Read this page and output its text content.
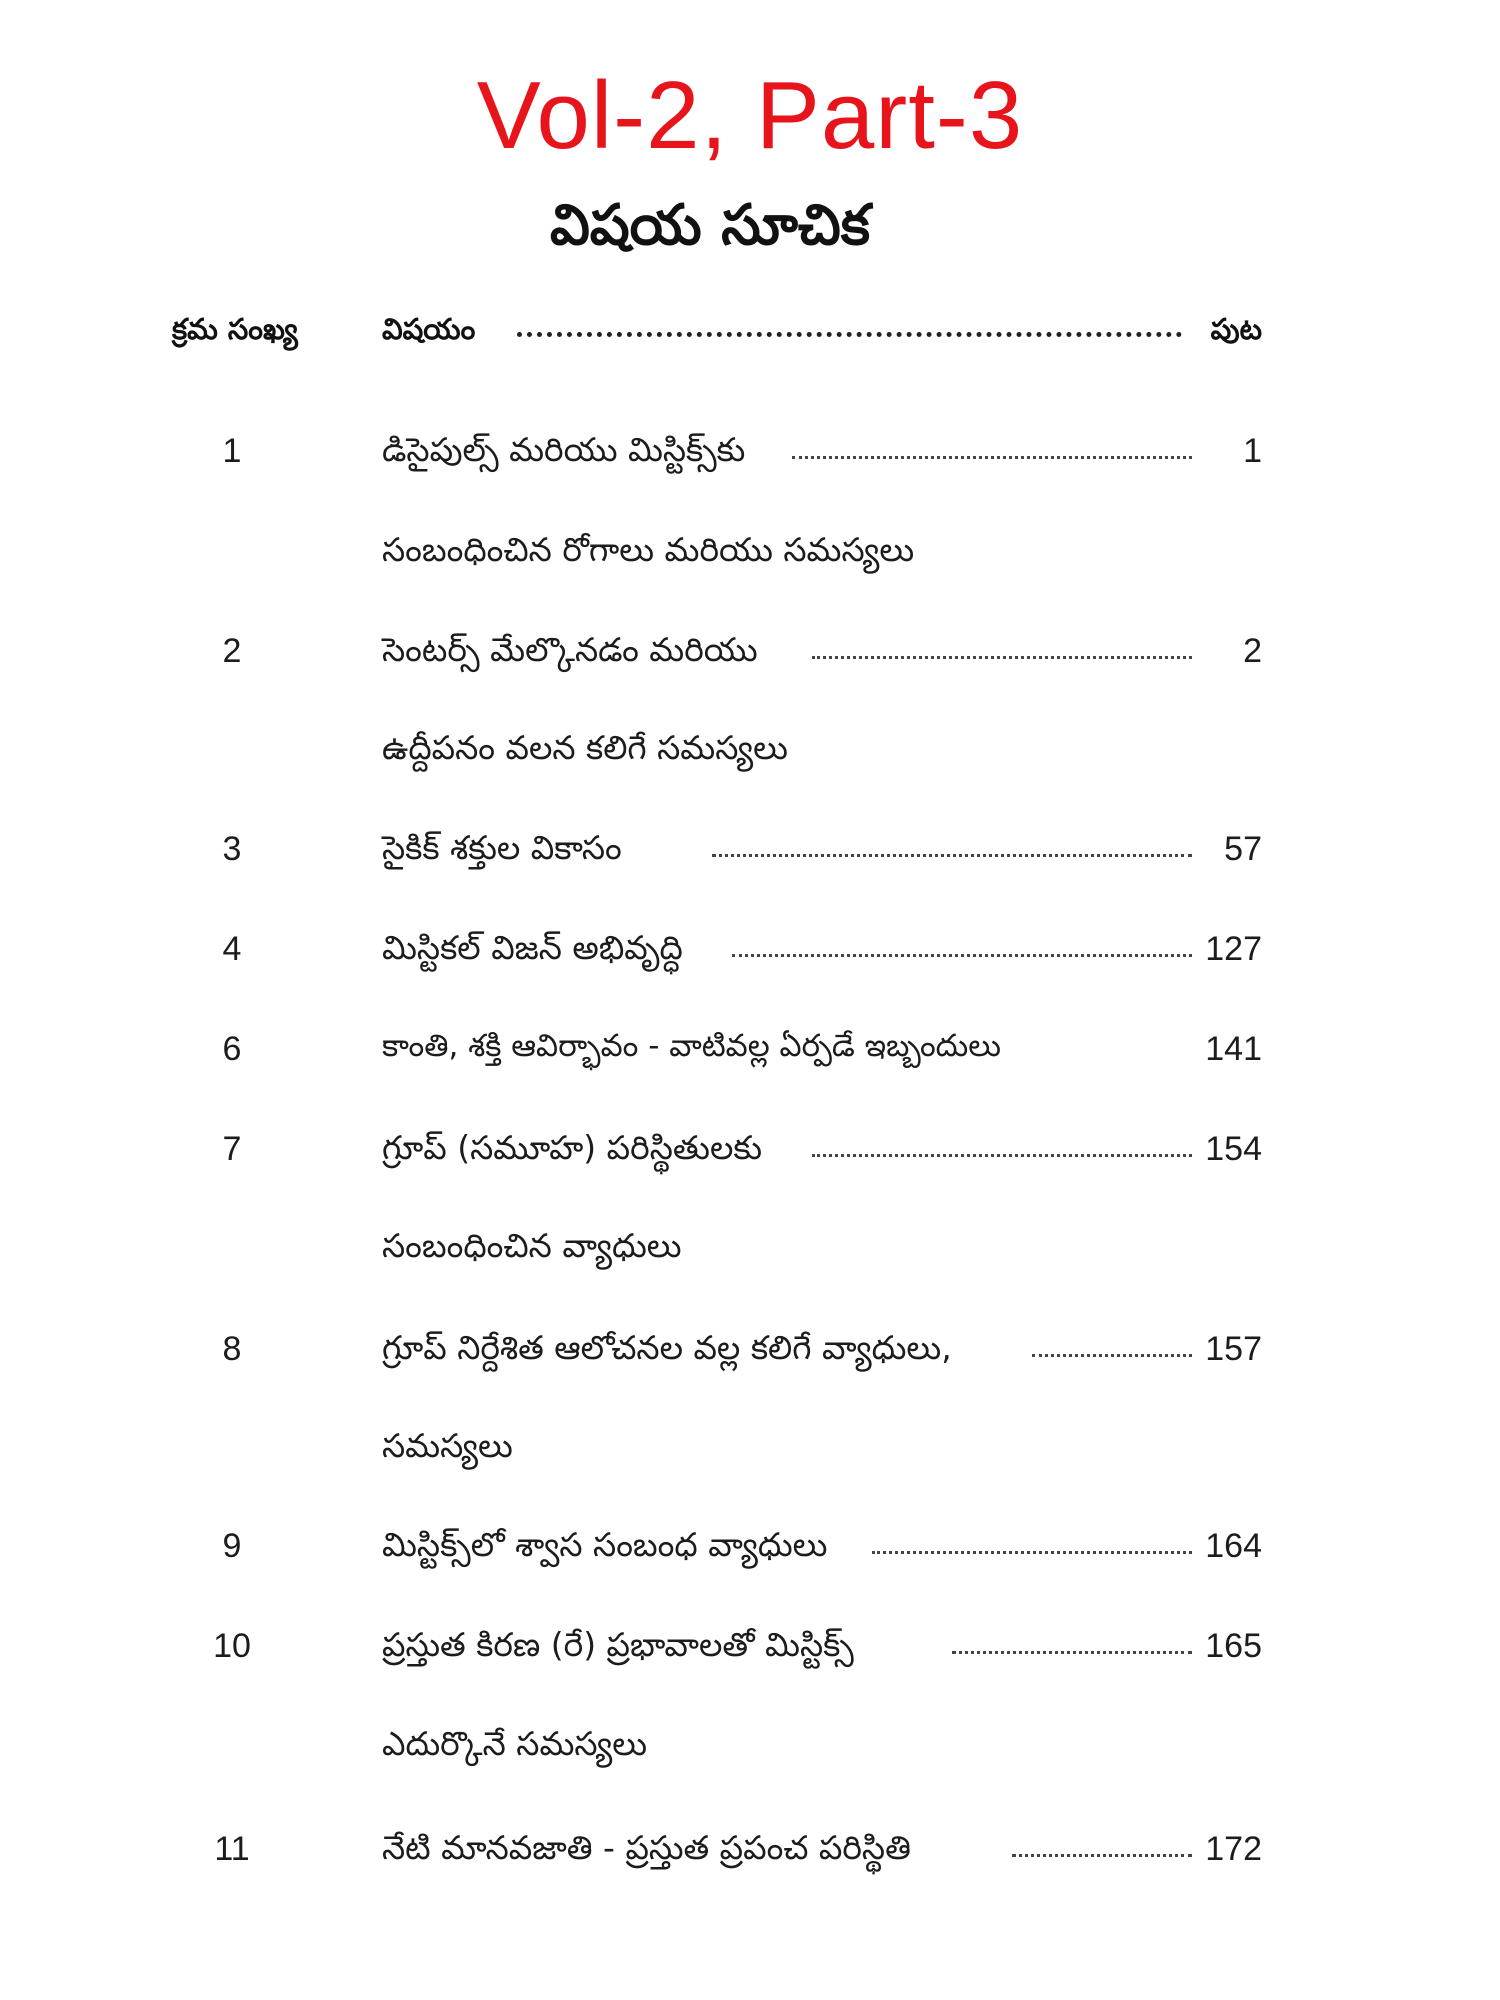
Vol-2, Part-3
విషయ సూచిక
క్రమ సంఖ్య	విషయం	పుట
1	డిసైపుల్స్ మరియు మిస్టిక్స్‌కు	1
సంబంధించిన రోగాలు మరియు సమస్యలు
2	సెంటర్స్ మేల్కొనడం మరియు	2
ఉద్దీపనం వలన కలిగే సమస్యలు
3	సైకిక్ శక్తుల వికాసం	57
4	మిస్టికల్ విజన్ అభివృద్ధి	127
6	కాంతి, శక్తి ఆవిర్భావం - వాటివల్ల ఏర్పడే ఇబ్బందులు	141
7	గ్రూప్ (సమూహ) పరిస్థితులకు	154
సంబంధించిన వ్యాధులు
8	గ్రూప్ నిర్దేశిత ఆలోచనల వల్ల కలిగే వ్యాధులు,	157
సమస్యలు
9	మిస్టిక్స్‌లో శ్వాస సంబంధ వ్యాధులు	164
10	ప్రస్తుత కిరణ (రే) ప్రభావాలతో మిస్టిక్స్	165
ఎదుర్కొనే సమస్యలు
11	నేటి మానవజాతి - ప్రస్తుత ప్రపంచ పరిస్థితి	172
